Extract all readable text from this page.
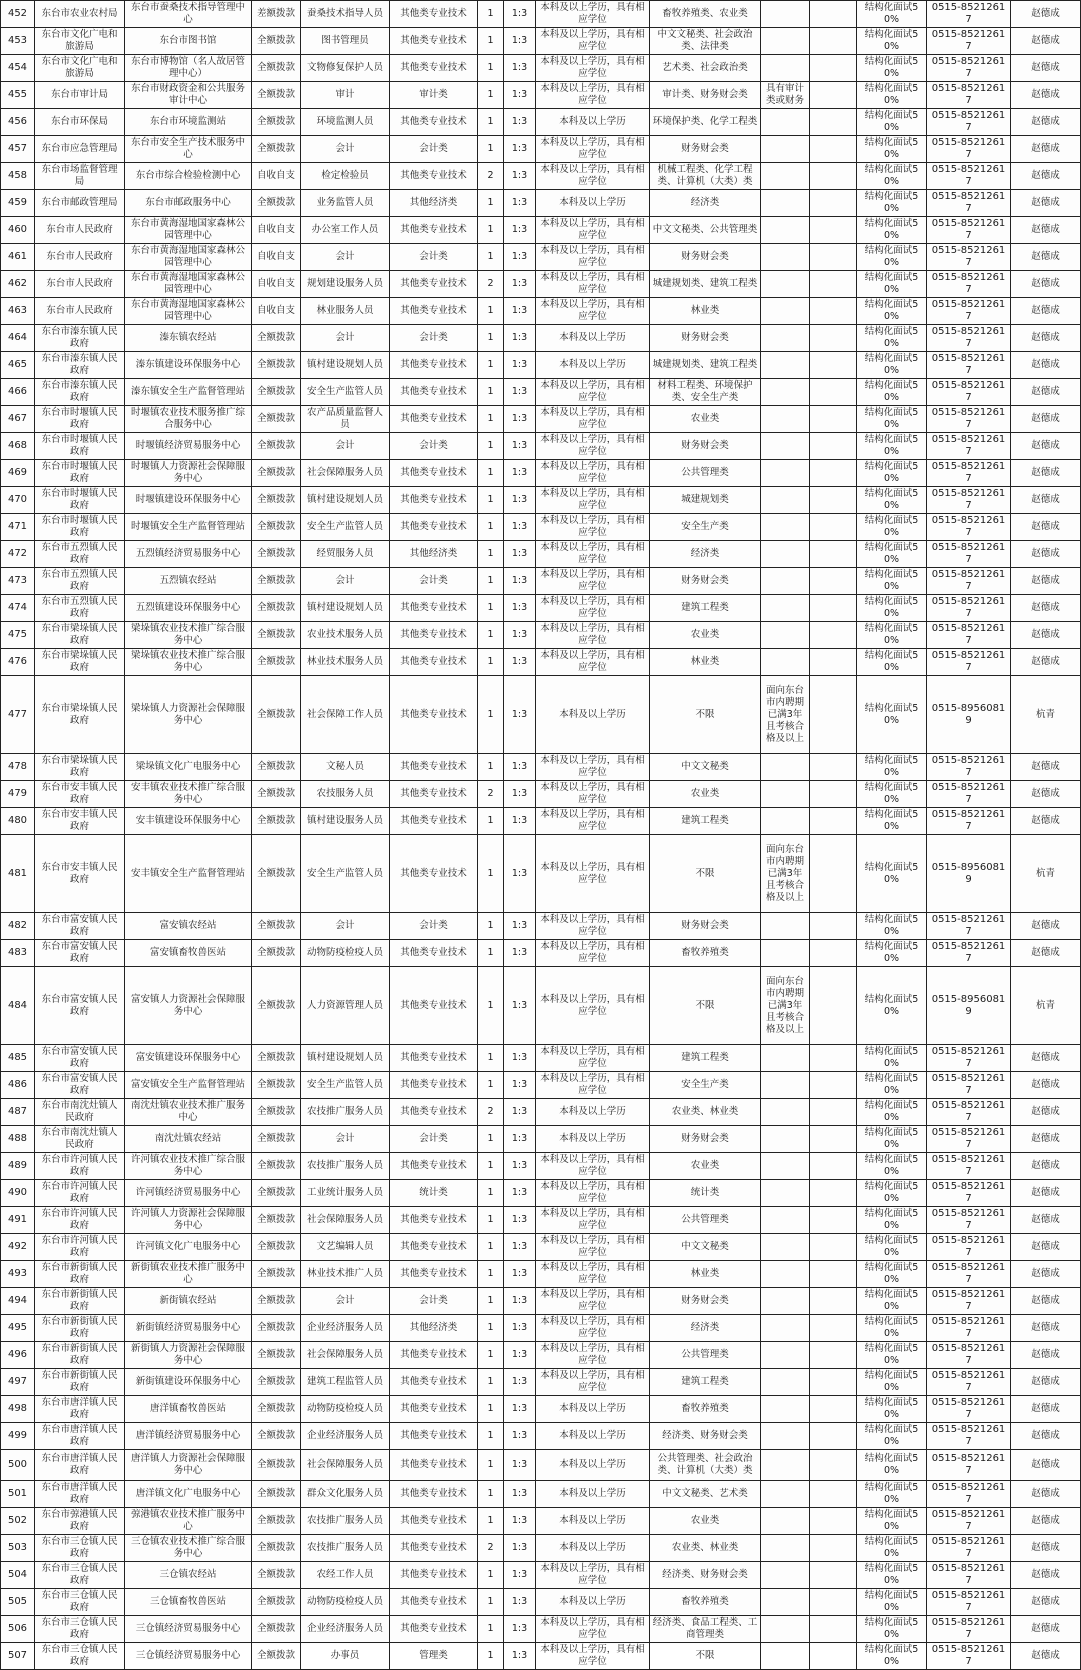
452	东台市农业农村局	东台市蚕桑技术指导管理中心	差额拨款	蚕桑技术指导人员	其他类专业技术	1	1:3	本科及以上学历，具有相应学位	畜牧养殖类、农业类			结构化面试50%	0515-85212617	赵德成
453	东台市文化广电和旅游局	东台市图书馆	全额拨款	图书管理员	其他类专业技术	1	1:3	本科及以上学历，具有相应学位	中文文秘类、社会政治类、法律类			结构化面试50%	0515-85212617	赵德成
454	东台市文化广电和旅游局	东台市博物馆（名人故居管理中心）	全额拨款	文物修复保护人员	其他类专业技术	1	1:3	本科及以上学历，具有相应学位	艺术类、社会政治类			结构化面试50%	0515-85212617	赵德成
455	东台市审计局	东台市财政资金和公共服务审计中心	全额拨款	审计	审计类	1	1:3	本科及以上学历，具有相应学位	审计类、财务财会类	具有审计类或财务		结构化面试50%	0515-85212617	赵德成
456	东台市环保局	东台市环境监测站	全额拨款	环境监测人员	其他类专业技术	1	1:3	本科及以上学历	环境保护类、化学工程类			结构化面试50%	0515-85212617	赵德成
457	东台市应急管理局	东台市安全生产技术服务中心	全额拨款	会计	会计类	1	1:3	本科及以上学历，具有相应学位	财务财会类			结构化面试50%	0515-85212617	赵德成
458	东台市场监督管理局	东台市综合检验检测中心	自收自支	检定检验员	其他类专业技术	2	1:3	本科及以上学历，具有相应学位	机械工程类、化学工程类、计算机（大类）类			结构化面试50%	0515-85212617	赵德成
459	东台市邮政管理局	东台市邮政服务中心	全额拨款	业务监管人员	其他经济类	1	1:3	本科及以上学历	经济类			结构化面试50%	0515-85212617	赵德成
460	东台市人民政府	东台市黄海湿地国家森林公园管理中心	自收自支	办公室工作人员	其他类专业技术	1	1:3	本科及以上学历，具有相应学位	中文文秘类、公共管理类			结构化面试50%	0515-85212617	赵德成
461	东台市人民政府	东台市黄海湿地国家森林公园管理中心	自收自支	会计	会计类	1	1:3	本科及以上学历，具有相应学位	财务财会类			结构化面试50%	0515-85212617	赵德成
462	东台市人民政府	东台市黄海湿地国家森林公园管理中心	自收自支	规划建设服务人员	其他类专业技术	2	1:3	本科及以上学历，具有相应学位	城建规划类、建筑工程类			结构化面试50%	0515-85212617	赵德成
463	东台市人民政府	东台市黄海湿地国家森林公园管理中心	自收自支	林业服务人员	其他类专业技术	1	1:3	本科及以上学历，具有相应学位	林业类			结构化面试50%	0515-85212617	赵德成
464	东台市溱东镇人民政府	溱东镇农经站	全额拨款	会计	会计类	1	1:3	本科及以上学历	财务财会类			结构化面试50%	0515-85212617	赵德成
465	东台市溱东镇人民政府	溱东镇建设环保服务中心	全额拨款	镇村建设规划人员	其他类专业技术	1	1:3	本科及以上学历	城建规划类、建筑工程类			结构化面试50%	0515-85212617	赵德成
466	东台市溱东镇人民政府	溱东镇安全生产监督管理站	全额拨款	安全生产监管人员	其他类专业技术	1	1:3	本科及以上学历，具有相应学位	材料工程类、环境保护类、安全生产类			结构化面试50%	0515-85212617	赵德成
467	东台市时堰镇人民政府	时堰镇农业技术服务推广综合服务中心	全额拨款	农产品质量监督人员	其他类专业技术	1	1:3	本科及以上学历，具有相应学位	农业类			结构化面试50%	0515-85212617	赵德成
468	东台市时堰镇人民政府	时堰镇经济贸易服务中心	全额拨款	会计	会计类	1	1:3	本科及以上学历，具有相应学位	财务财会类			结构化面试50%	0515-85212617	赵德成
469	东台市时堰镇人民政府	时堰镇人力资源社会保障服务中心	全额拨款	社会保障服务人员	其他类专业技术	1	1:3	本科及以上学历，具有相应学位	公共管理类			结构化面试50%	0515-85212617	赵德成
470	东台市时堰镇人民政府	时堰镇建设环保服务中心	全额拨款	镇村建设规划人员	其他类专业技术	1	1:3	本科及以上学历，具有相应学位	城建规划类			结构化面试50%	0515-85212617	赵德成
471	东台市时堰镇人民政府	时堰镇安全生产监督管理站	全额拨款	安全生产监管人员	其他类专业技术	1	1:3	本科及以上学历，具有相应学位	安全生产类			结构化面试50%	0515-85212617	赵德成
472	东台市五烈镇人民政府	五烈镇经济贸易服务中心	全额拨款	经贸服务人员	其他经济类	1	1:3	本科及以上学历，具有相应学位	经济类			结构化面试50%	0515-85212617	赵德成
473	东台市五烈镇人民政府	五烈镇农经站	全额拨款	会计	会计类	1	1:3	本科及以上学历，具有相应学位	财务财会类			结构化面试50%	0515-85212617	赵德成
474	东台市五烈镇人民政府	五烈镇建设环保服务中心	全额拨款	镇村建设规划人员	其他类专业技术	1	1:3	本科及以上学历，具有相应学位	建筑工程类			结构化面试50%	0515-85212617	赵德成
475	东台市梁垛镇人民政府	梁垛镇农业技术推广综合服务中心	全额拨款	农业技术服务人员	其他类专业技术	1	1:3	本科及以上学历，具有相应学位	农业类			结构化面试50%	0515-85212617	赵德成
476	东台市梁垛镇人民政府	梁垛镇农业技术推广综合服务中心	全额拨款	林业技术服务人员	其他类专业技术	1	1:3	本科及以上学历，具有相应学位	林业类			结构化面试50%	0515-85212617	赵德成
477	东台市梁垛镇人民政府	梁垛镇人力资源社会保障服务中心	全额拨款	社会保障工作人员	其他类专业技术	1	1:3	本科及以上学历	不限	面向东台市内聘期已满3年且考核合格及以上		结构化面试50%	0515-89560819	杭青
478	东台市梁垛镇人民政府	梁垛镇文化广电服务中心	全额拨款	文秘人员	其他类专业技术	1	1:3	本科及以上学历，具有相应学位	中文文秘类			结构化面试50%	0515-85212617	赵德成
479	东台市安丰镇人民政府	安丰镇农业技术推广综合服务中心	全额拨款	农技服务人员	其他类专业技术	2	1:3	本科及以上学历，具有相应学位	农业类			结构化面试50%	0515-85212617	赵德成
480	东台市安丰镇人民政府	安丰镇建设环保服务中心	全额拨款	镇村建设服务人员	其他类专业技术	1	1:3	本科及以上学历，具有相应学位	建筑工程类			结构化面试50%	0515-85212617	赵德成
481	东台市安丰镇人民政府	安丰镇安全生产监督管理站	全额拨款	安全生产监管人员	其他类专业技术	1	1:3	本科及以上学历，具有相应学位	不限	面向东台市内聘期已满3年且考核合格及以上		结构化面试50%	0515-89560819	杭青
482	东台市富安镇人民政府	富安镇农经站	全额拨款	会计	会计类	1	1:3	本科及以上学历，具有相应学位	财务财会类			结构化面试50%	0515-85212617	赵德成
483	东台市富安镇人民政府	富安镇畜牧兽医站	全额拨款	动物防疫检疫人员	其他类专业技术	1	1:3	本科及以上学历，具有相应学位	畜牧养殖类			结构化面试50%	0515-85212617	赵德成
484	东台市富安镇人民政府	富安镇人力资源社会保障服务中心	全额拨款	人力资源管理人员	其他类专业技术	1	1:3	本科及以上学历，具有相应学位	不限	面向东台市内聘期已满3年且考核合格及以上		结构化面试50%	0515-89560819	杭青
485	东台市富安镇人民政府	富安镇建设环保服务中心	全额拨款	镇村建设规划人员	其他类专业技术	1	1:3	本科及以上学历，具有相应学位	建筑工程类			结构化面试50%	0515-85212617	赵德成
486	东台市富安镇人民政府	富安镇安全生产监督管理站	全额拨款	安全生产监管人员	其他类专业技术	1	1:3	本科及以上学历，具有相应学位	安全生产类			结构化面试50%	0515-85212617	赵德成
487	东台市南沈灶镇人民政府	南沈灶镇农业技术推广服务中心	全额拨款	农技推广服务人员	其他类专业技术	2	1:3	本科及以上学历	农业类、林业类			结构化面试50%	0515-85212617	赵德成
488	东台市南沈灶镇人民政府	南沈灶镇农经站	全额拨款	会计	会计类	1	1:3	本科及以上学历	财务财会类			结构化面试50%	0515-85212617	赵德成
489	东台市许河镇人民政府	许河镇农业技术推广综合服务中心	全额拨款	农技推广服务人员	其他类专业技术	1	1:3	本科及以上学历，具有相应学位	农业类			结构化面试50%	0515-85212617	赵德成
490	东台市许河镇人民政府	许河镇经济贸易服务中心	全额拨款	工业统计服务人员	统计类	1	1:3	本科及以上学历，具有相应学位	统计类			结构化面试50%	0515-85212617	赵德成
491	东台市许河镇人民政府	许河镇人力资源社会保障服务中心	全额拨款	社会保障服务人员	其他类专业技术	1	1:3	本科及以上学历，具有相应学位	公共管理类			结构化面试50%	0515-85212617	赵德成
492	东台市许河镇人民政府	许河镇文化广电服务中心	全额拨款	文艺编辑人员	其他类专业技术	1	1:3	本科及以上学历，具有相应学位	中文文秘类			结构化面试50%	0515-85212617	赵德成
493	东台市新街镇人民政府	新街镇农业技术推广服务中心	全额拨款	林业技术推广人员	其他类专业技术	1	1:3	本科及以上学历，具有相应学位	林业类			结构化面试50%	0515-85212617	赵德成
494	东台市新街镇人民政府	新街镇农经站	全额拨款	会计	会计类	1	1:3	本科及以上学历，具有相应学位	财务财会类			结构化面试50%	0515-85212617	赵德成
495	东台市新街镇人民政府	新街镇经济贸易服务中心	全额拨款	企业经济服务人员	其他经济类	1	1:3	本科及以上学历，具有相应学位	经济类			结构化面试50%	0515-85212617	赵德成
496	东台市新街镇人民政府	新街镇人力资源社会保障服务中心	全额拨款	社会保障服务人员	其他类专业技术	1	1:3	本科及以上学历，具有相应学位	公共管理类			结构化面试50%	0515-85212617	赵德成
497	东台市新街镇人民政府	新街镇建设环保服务中心	全额拨款	建筑工程监管人员	其他类专业技术	1	1:3	本科及以上学历，具有相应学位	建筑工程类			结构化面试50%	0515-85212617	赵德成
498	东台市唐洋镇人民政府	唐洋镇畜牧兽医站	全额拨款	动物防疫检疫人员	其他类专业技术	1	1:3	本科及以上学历	畜牧养殖类			结构化面试50%	0515-85212617	赵德成
499	东台市唐洋镇人民政府	唐洋镇经济贸易服务中心	全额拨款	企业经济服务人员	其他类专业技术	1	1:3	本科及以上学历	经济类、财务财会类			结构化面试50%	0515-85212617	赵德成
500	东台市唐洋镇人民政府	唐洋镇人力资源社会保障服务中心	全额拨款	社会保障服务人员	其他类专业技术	1	1:3	本科及以上学历	公共管理类、社会政治类、计算机（大类）类			结构化面试50%	0515-85212617	赵德成
501	东台市唐洋镇人民政府	唐洋镇文化广电服务中心	全额拨款	群众文化服务人员	其他类专业技术	1	1:3	本科及以上学历	中文文秘类、艺术类			结构化面试50%	0515-85212617	赵德成
502	东台市弶港镇人民政府	弶港镇农业技术推广服务中心	全额拨款	农技推广服务人员	其他类专业技术	1	1:3	本科及以上学历	农业类			结构化面试50%	0515-85212617	赵德成
503	东台市三仓镇人民政府	三仓镇农业技术推广综合服务中心	全额拨款	农技推广服务人员	其他类专业技术	2	1:3	本科及以上学历	农业类、林业类			结构化面试50%	0515-85212617	赵德成
504	东台市三仓镇人民政府	三仓镇农经站	全额拨款	农经工作人员	其他类专业技术	1	1:3	本科及以上学历，具有相应学位	经济类、财务财会类			结构化面试50%	0515-85212617	赵德成
505	东台市三仓镇人民政府	三仓镇畜牧兽医站	全额拨款	动物防疫检疫人员	其他类专业技术	1	1:3	本科及以上学历	畜牧养殖类			结构化面试50%	0515-85212617	赵德成
506	东台市三仓镇人民政府	三仓镇经济贸易服务中心	全额拨款	企业经济服务人员	其他类专业技术	1	1:3	本科及以上学历，具有相应学位	经济类、食品工程类、工商管理类			结构化面试50%	0515-85212617	赵德成
507	东台市三仓镇人民政府	三仓镇经济贸易服务中心	全额拨款	办事员	管理类	1	1:3	本科及以上学历，具有相应学位	不限			结构化面试50%	0515-85212617	赵德成
